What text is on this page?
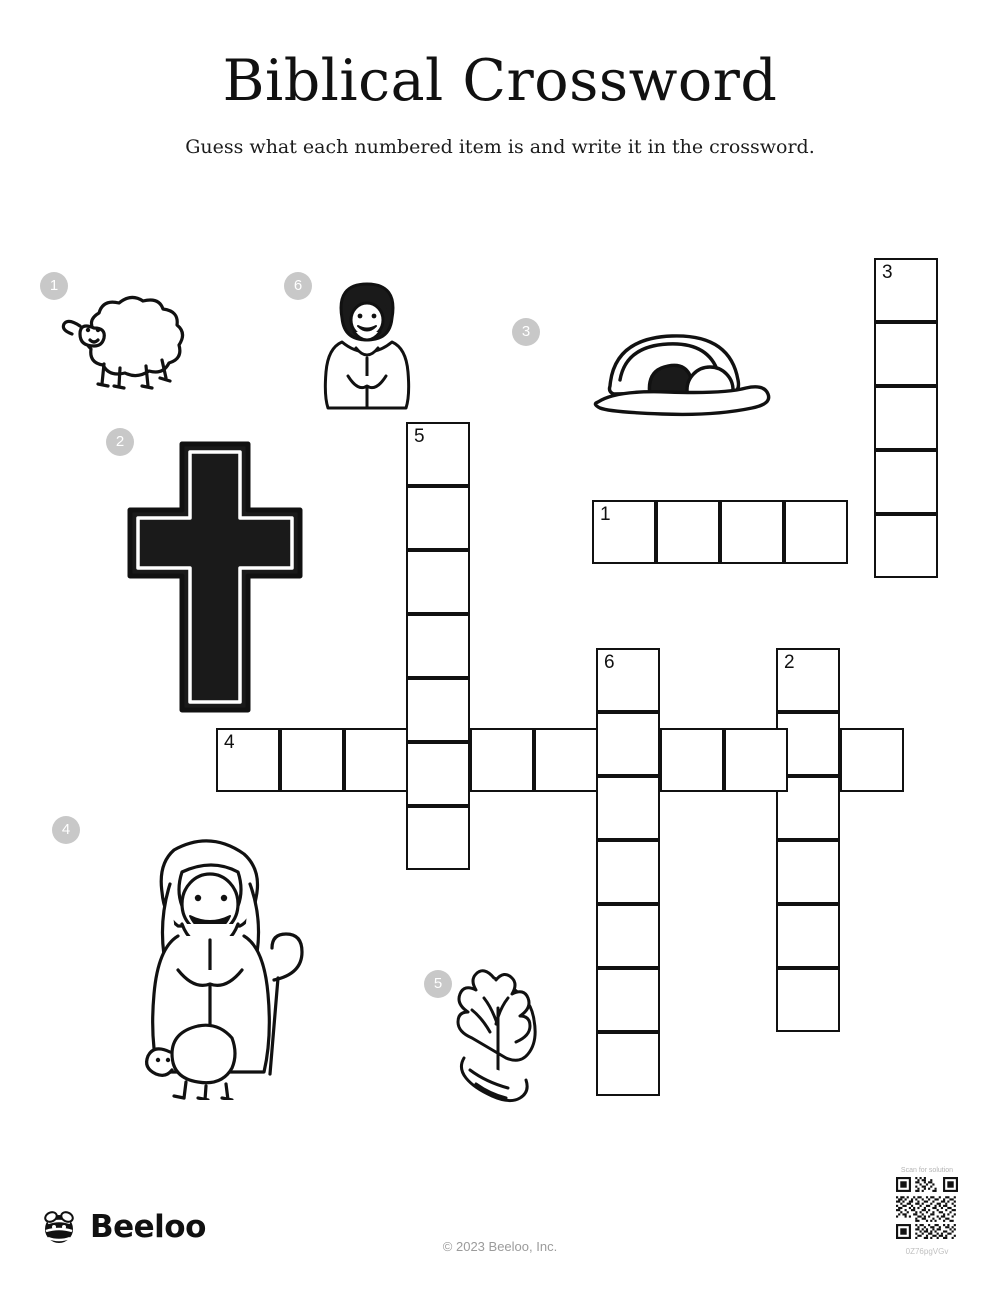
Biblical Crossword
Guess what each numbered item is and write it in the crossword.
1
2
3
4
5
6
3
1
5
6	2
4
Beeloo
© 2023 Beeloo, Inc.
Scan for solution
0Z76pgVGv
